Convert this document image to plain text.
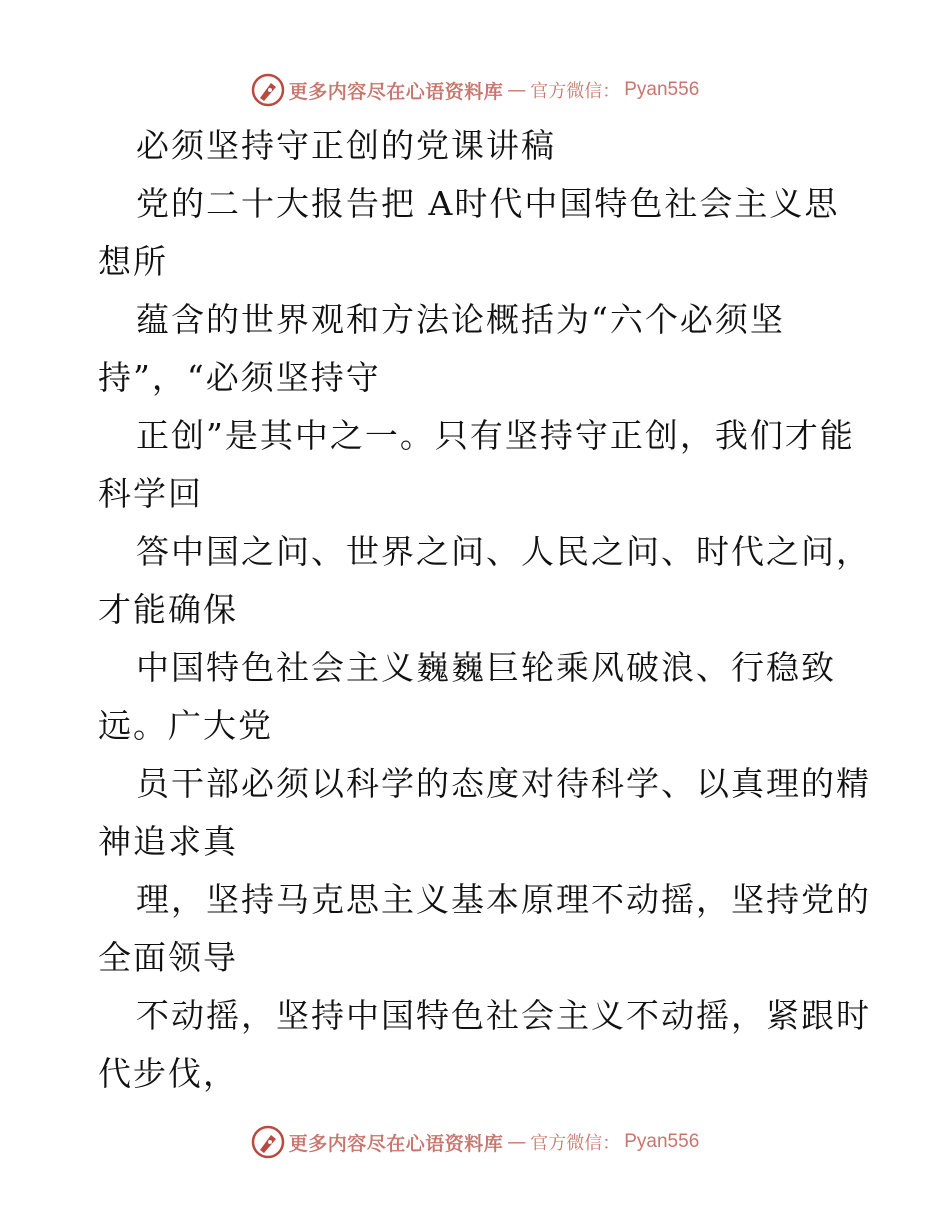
更多内容尽在心语资料库 — 官方微信： Pyan556
必须坚持守正创的党课讲稿
党的二十大报告把 A时代中国特色社会主义思
想所
蕴含的世界观和方法论概括为“六个必须坚
持”，“必须坚持守
正创”是其中之一。只有坚持守正创，我们才能
科学回
答中国之问、世界之问、人民之问、时代之问，
才能确保
中国特色社会主义巍巍巨轮乘风破浪、行稳致
远。广大党
员干部必须以科学的态度对待科学、以真理的精
神追求真
理，坚持马克思主义基本原理不动摇，坚持党的
全面领导
不动摇，坚持中国特色社会主义不动摇，紧跟时
代步伐，
更多内容尽在心语资料库 — 官方微信： Pyan556
